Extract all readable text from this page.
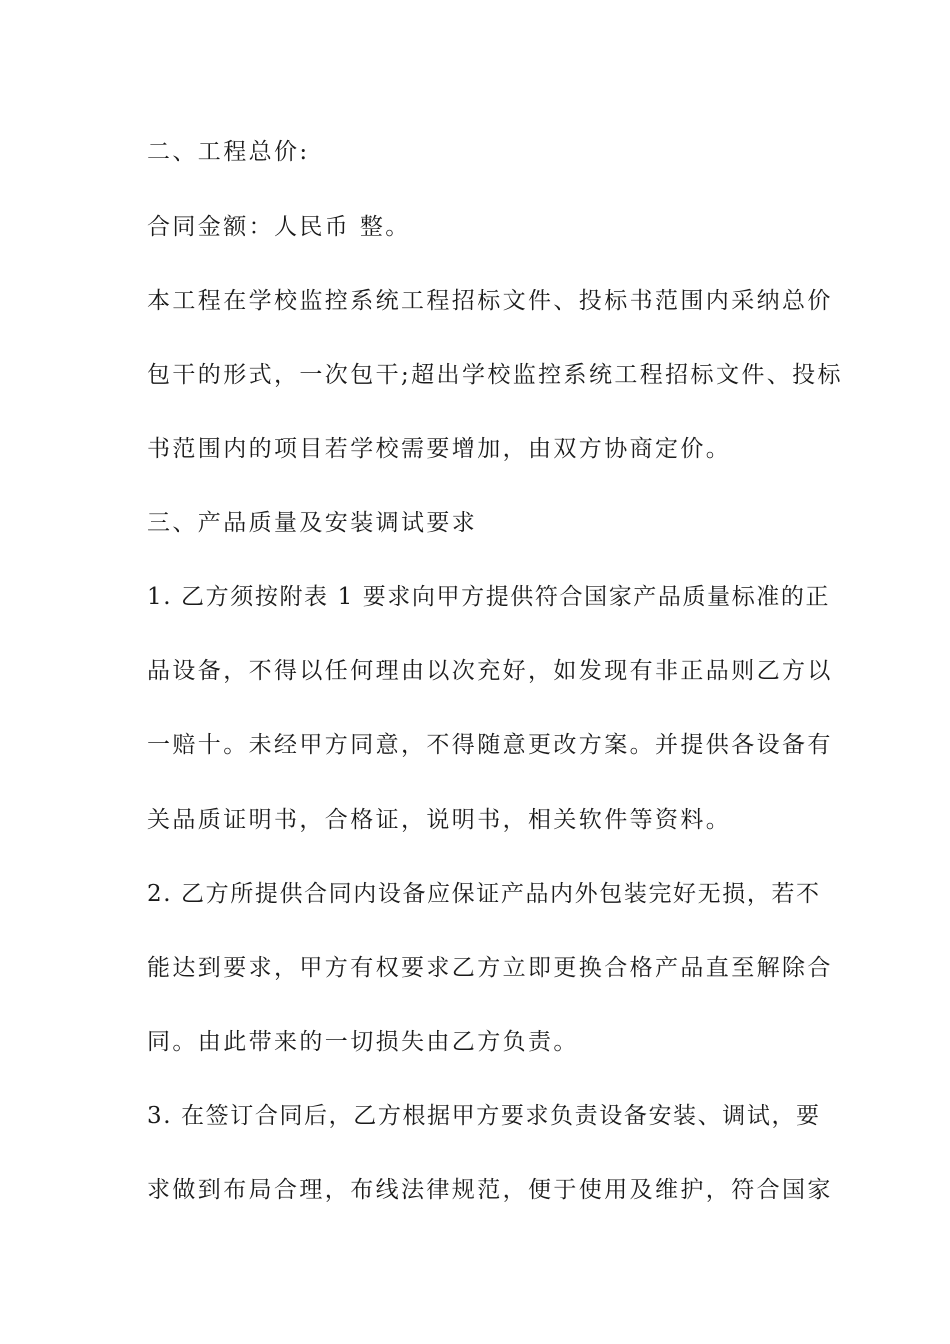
二、工程总价:
合同金额：人民币 整。
本工程在学校监控系统工程招标文件、投标书范围内采纳总价
包干的形式，一次包干;超出学校监控系统工程招标文件、投标
书范围内的项目若学校需要增加，由双方协商定价。
三、产品质量及安装调试要求
1. 乙方须按附表 1 要求向甲方提供符合国家产品质量标准的正
品设备，不得以任何理由以次充好，如发现有非正品则乙方以
一赔十。未经甲方同意，不得随意更改方案。并提供各设备有
关品质证明书，合格证，说明书，相关软件等资料。
2. 乙方所提供合同内设备应保证产品内外包装完好无损，若不
能达到要求，甲方有权要求乙方立即更换合格产品直至解除合
同。由此带来的一切损失由乙方负责。
3. 在签订合同后，乙方根据甲方要求负责设备安装、调试，要
求做到布局合理，布线法律规范，便于使用及维护，符合国家
